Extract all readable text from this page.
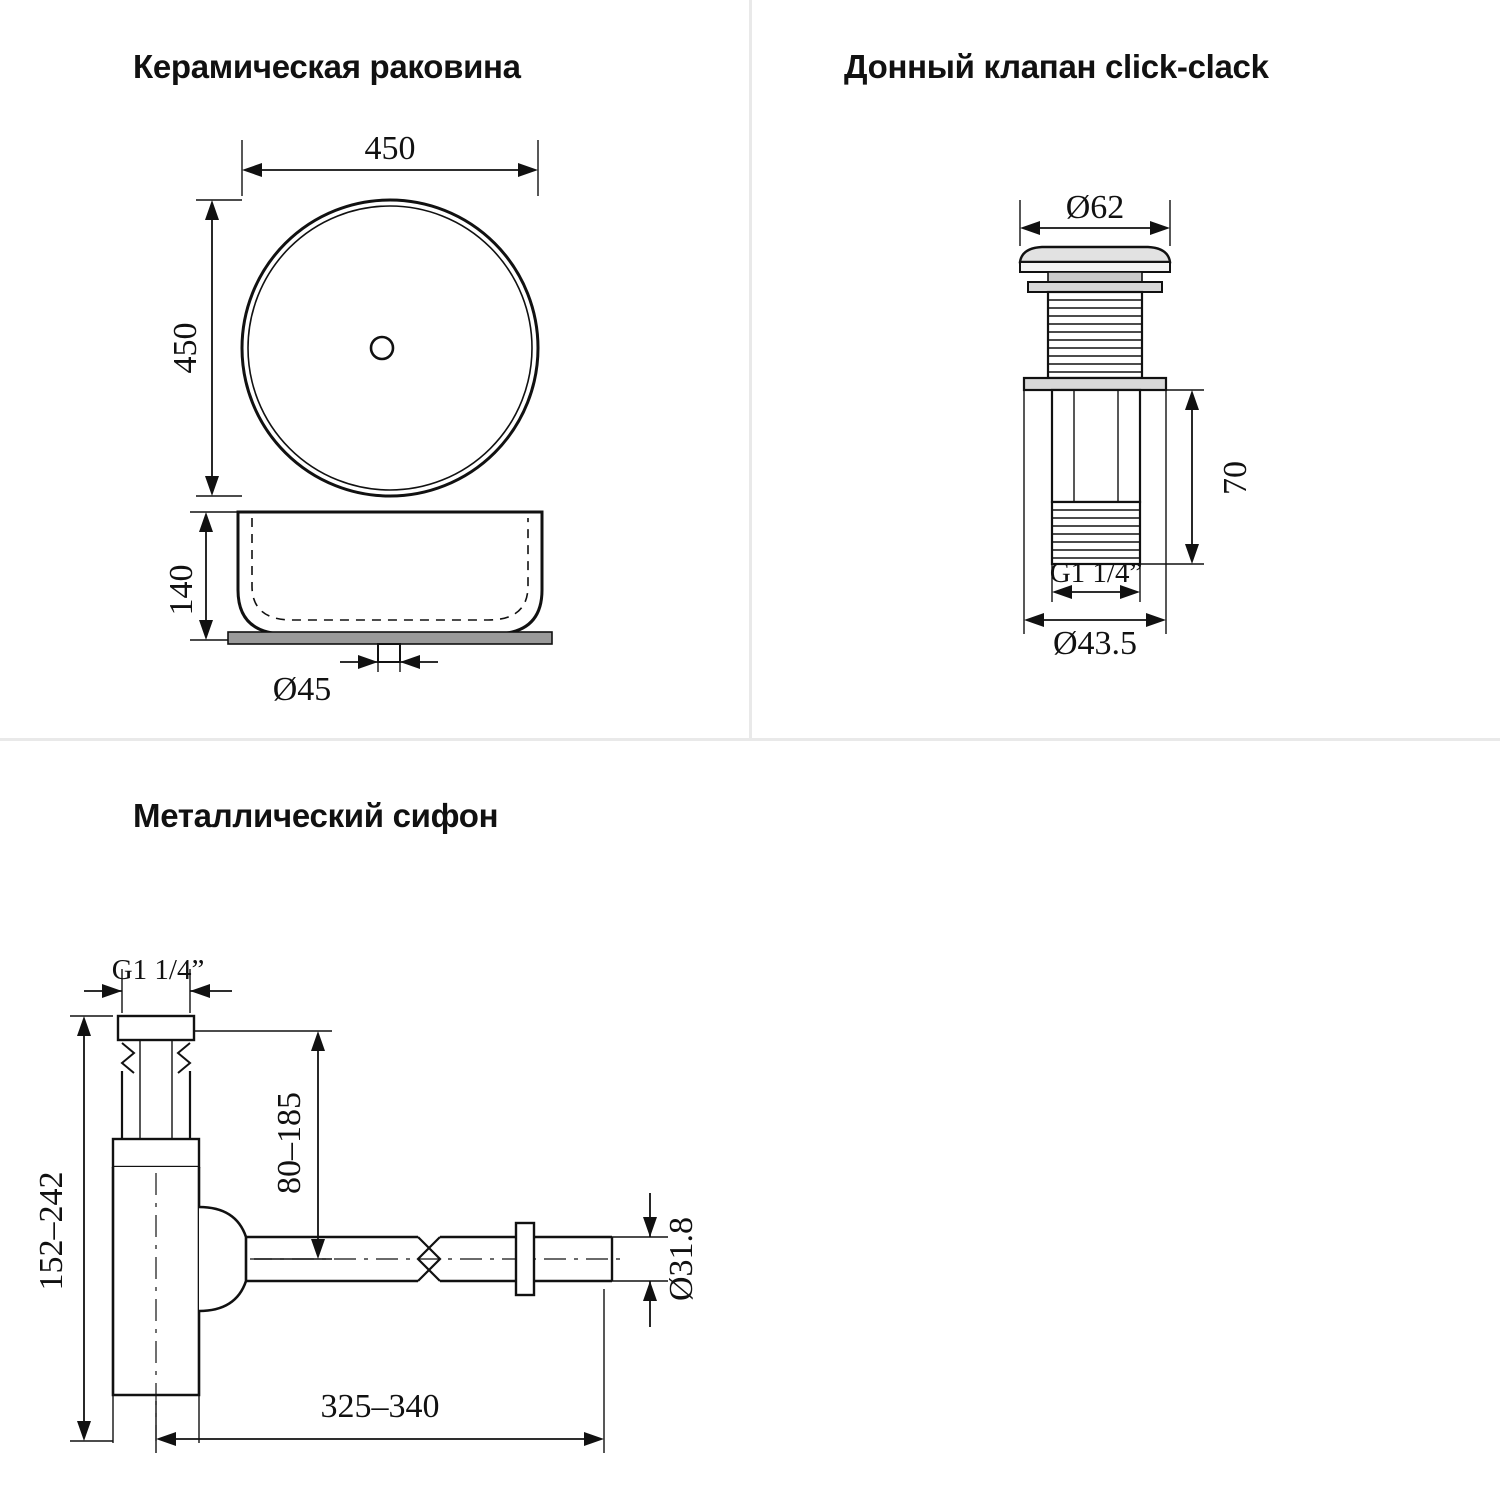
Керамическая раковина
450
450
140
Ø45
Донный клапан click-clack
Ø62
70
G1 1/4”
Ø43.5
Металлический сифон
G1 1/4”
152–242
80–185
Ø31.8
325–340
